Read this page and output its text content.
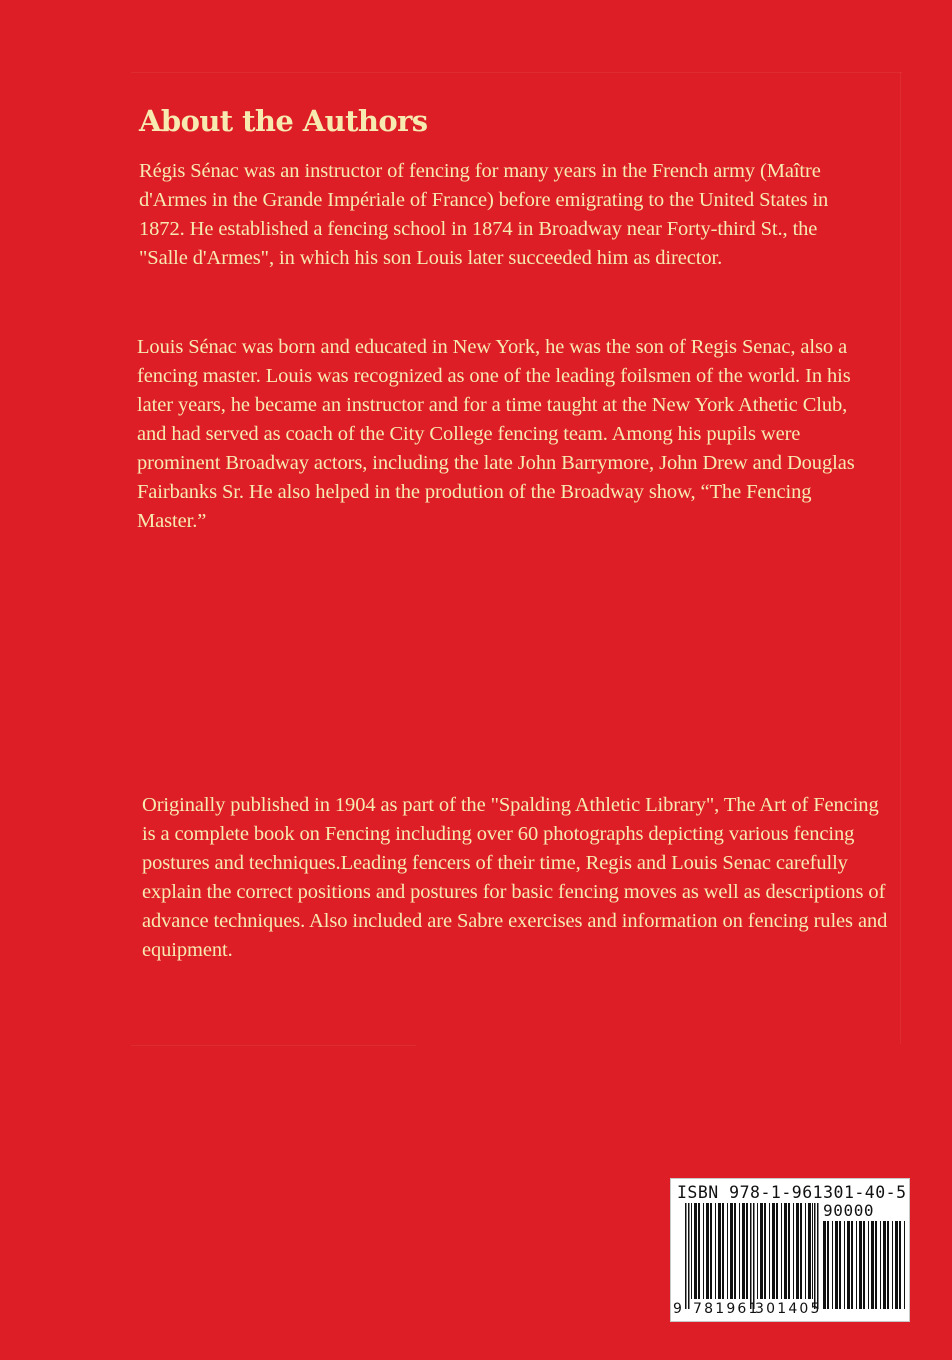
About the Authors

Régis Sénac was an instructor of fencing for many years in the French army (Maître d'Armes in the Grande Impériale of France) before emigrating to the United States in 1872. He established a fencing school in 1874 in Broadway near Forty-third St., the "Salle d'Armes", in which his son Louis later succeeded him as director.

Louis Sénac was born and educated in New York, he was the son of Regis Senac, also a fencing master. Louis was recognized as one of the leading foilsmen of the world. In his later years, he became an instructor and for a time taught at the New York Athetic Club, and had served as coach of the City College fencing team. Among his pupils were prominent Broadway actors, including the late John Barrymore, John Drew and Douglas Fairbanks Sr. He also helped in the prodution of the Broadway show, “The Fencing Master.”

Originally published in 1904 as part of the "Spalding Athletic Library", The Art of Fencing is a complete book on Fencing including over 60 photographs depicting various fencing postures and techniques.Leading fencers of their time, Regis and Louis Senac carefully explain the correct positions and postures for basic fencing moves as well as descriptions of advance techniques. Also included are Sabre exercises and information on fencing rules and equipment.

ISBN 978-1-961301-40-5
90000
9 781961
301405
